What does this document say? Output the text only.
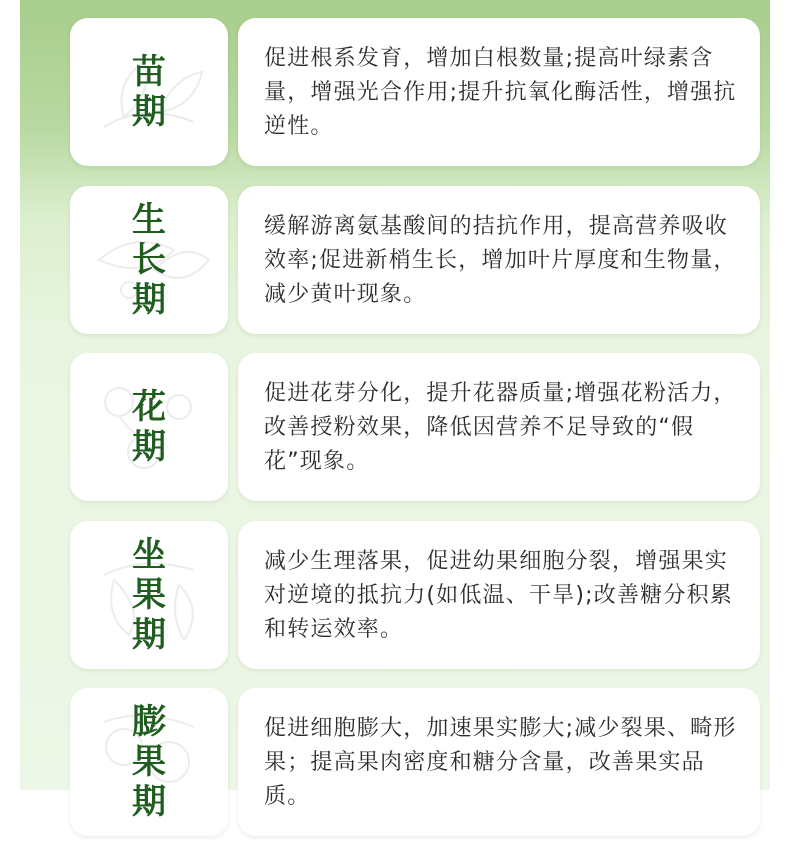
苗
期
促进根系发育，增加白根数量;提高叶绿素含量，增强光合作用;提升抗氧化酶活性，增强抗逆性。
生
长
期
缓解游离氨基酸间的拮抗作用，提高营养吸收效率;促进新梢生长，增加叶片厚度和生物量，减少黄叶现象。
花
期
促进花芽分化，提升花器质量;增强花粉活力，改善授粉效果，降低因营养不足导致的“假花”现象。
坐
果
期
减少生理落果，促进幼果细胞分裂，增强果实对逆境的抵抗力(如低温、干旱);改善糖分积累和转运效率。
膨
果
期
促进细胞膨大，加速果实膨大;减少裂果、畸形果；提高果肉密度和糖分含量，改善果实品质。
